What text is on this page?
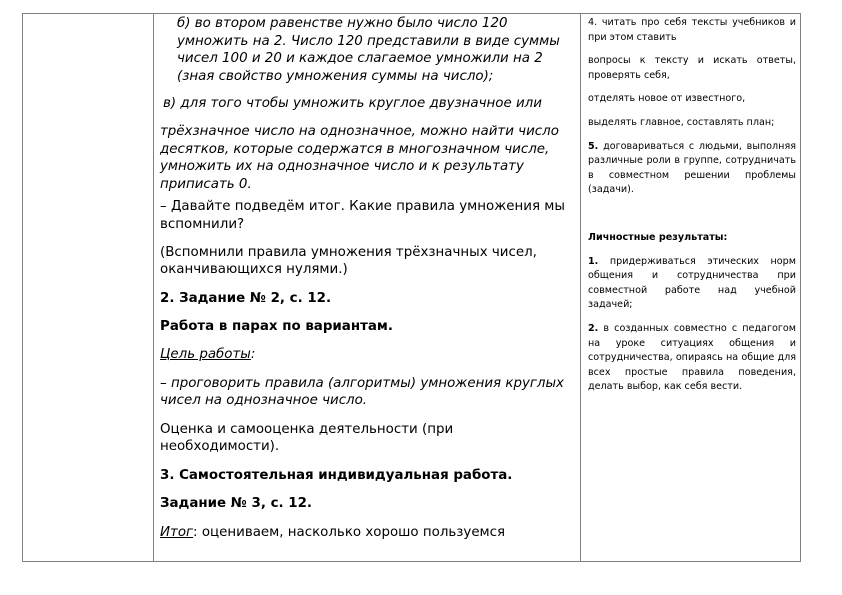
б) во втором равенстве нужно было число 120 умножить на 2. Число 120 представили в виде суммы чисел 100 и 20 и каждое слагаемое умножили на 2 (зная свойство умножения суммы на число);

в) для того чтобы умножить круглое двузначное или

трёхзначное число на однозначное, можно найти число десятков, которые содержатся в многозначном числе, умножить их на однозначное число и к результату приписать 0.

– Давайте подведём итог. Какие правила умножения мы вспомнили?

(Вспомнили правила умножения трёхзначных чисел, оканчивающихся нулями.)

2. Задание № 2, с. 12.

Работа в парах по вариантам.

Цель работы:

– проговорить правила (алгоритмы) умножения круглых чисел на однозначное число.

Оценка и самооценка деятельности (при необходимости).

3. Самостоятельная индивидуальная работа.

Задание № 3, с. 12.

Итог: оцениваем, насколько хорошо пользуемся

4. читать про себя тексты учебников и при этом ставить

вопросы к тексту и искать ответы, проверять себя,

отделять новое от известного,

выделять главное, составлять план;

5. договариваться с людьми, выполняя различные роли в группе, сотрудничать в совместном решении проблемы (задачи).

Личностные результаты:

1. придерживаться этических норм общения и сотрудничества при совместной работе над учебной задачей;

2. в созданных совместно с педагогом на уроке ситуациях общения и сотрудничества, опираясь на общие для всех простые правила поведения, делать выбор, как себя вести.
